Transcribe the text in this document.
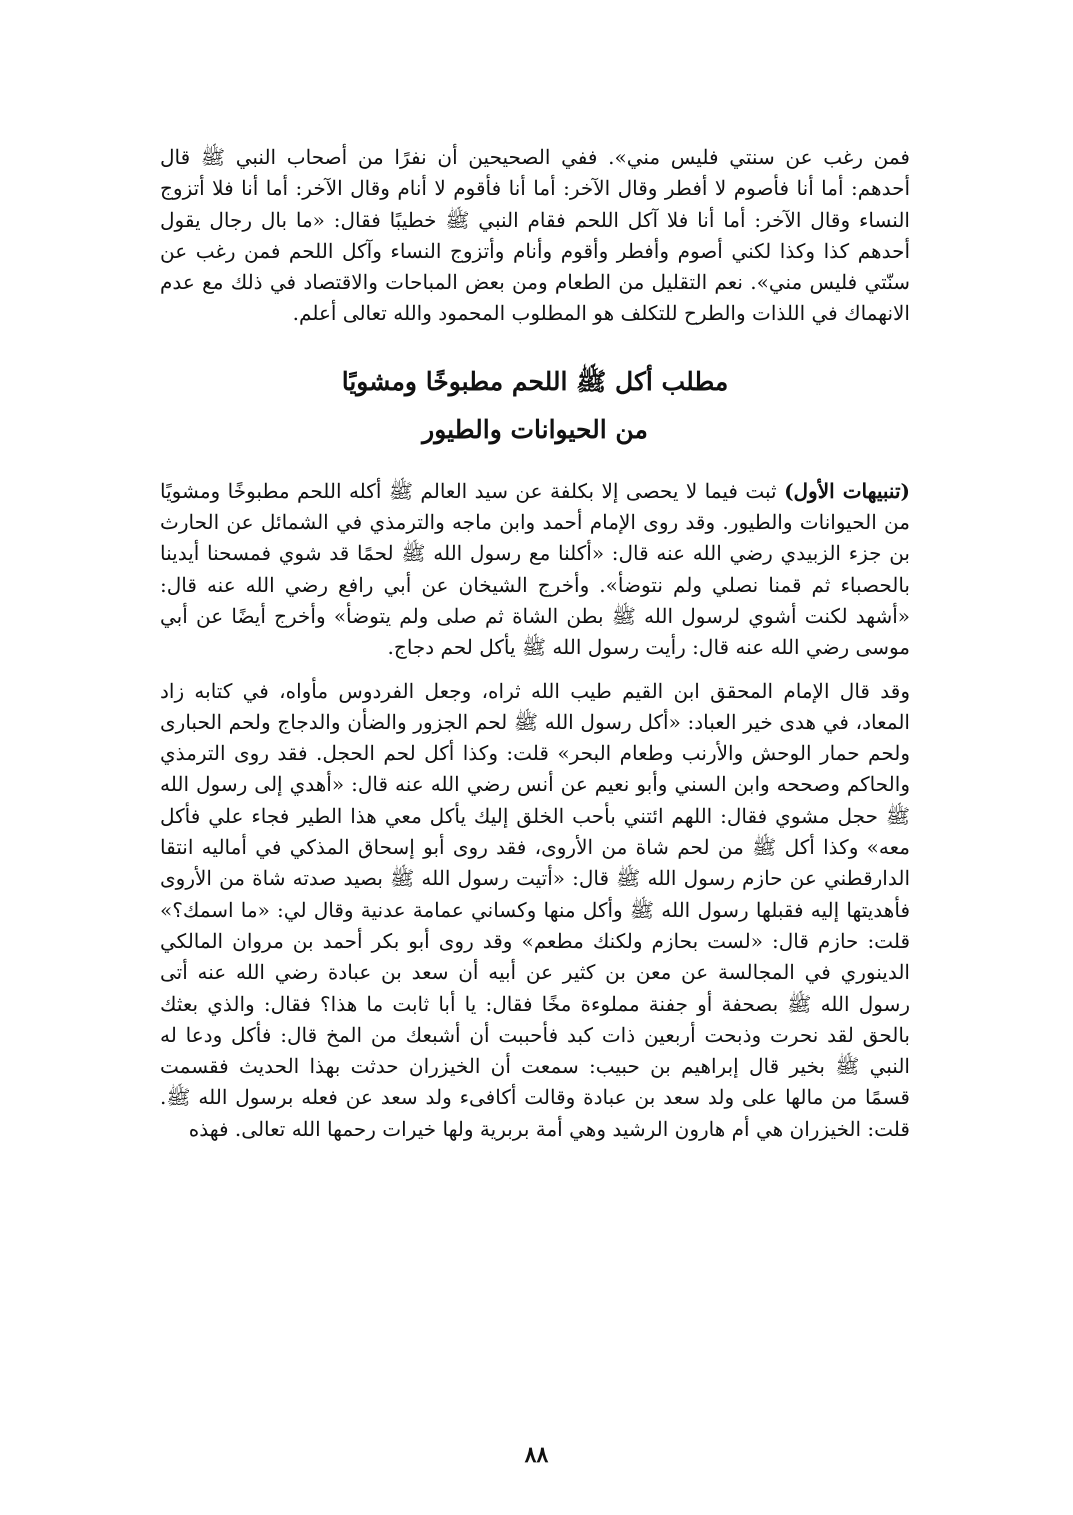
فمن رغب عن سنتي فليس مني». ففي الصحيحين أن نفرًا من أصحاب النبي ﷺ قال أحدهم: أما أنا فأصوم لا أفطر وقال الآخر: أما أنا فأقوم لا أنام وقال الآخر: أما أنا فلا أتزوج النساء وقال الآخر: أما أنا فلا آكل اللحم فقام النبي ﷺ خطيبًا فقال: «ما بال رجال يقول أحدهم كذا وكذا لكني أصوم وأفطر وأقوم وأنام وأتزوج النساء وآكل اللحم فمن رغب عن سنّتي فليس مني». نعم التقليل من الطعام ومن بعض المباحات والاقتصاد في ذلك مع عدم الانهماك في اللذات والطرح للتكلف هو المطلوب المحمود والله تعالى أعلم.

مطلب أكل ﷺ اللحم مطبوخًا ومشويًا
من الحيوانات والطيور

(تنبيهات الأول) ثبت فيما لا يحصى إلا بكلفة عن سيد العالم ﷺ أكله اللحم مطبوخًا ومشويًا من الحيوانات والطيور. وقد روى الإمام أحمد وابن ماجه والترمذي في الشمائل عن الحارث بن جزء الزبيدي رضي الله عنه قال: «أكلنا مع رسول الله ﷺ لحمًا قد شوي فمسحنا أيدينا بالحصباء ثم قمنا نصلي ولم نتوضأ». وأخرج الشيخان عن أبي رافع رضي الله عنه قال: «أشهد لكنت أشوي لرسول الله ﷺ بطن الشاة ثم صلى ولم يتوضأ» وأخرج أيضًا عن أبي موسى رضي الله عنه قال: رأيت رسول الله ﷺ يأكل لحم دجاج.

وقد قال الإمام المحقق ابن القيم طيب الله ثراه، وجعل الفردوس مأواه، في كتابه زاد المعاد، في هدى خير العباد: «أكل رسول الله ﷺ لحم الجزور والضأن والدجاج ولحم الحبارى ولحم حمار الوحش والأرنب وطعام البحر» قلت: وكذا أكل لحم الحجل. فقد روى الترمذي والحاكم وصححه وابن السني وأبو نعيم عن أنس رضي الله عنه قال: «أهدي إلى رسول الله ﷺ حجل مشوي فقال: اللهم ائتني بأحب الخلق إليك يأكل معي هذا الطير فجاء علي فأكل معه» وكذا أكل ﷺ من لحم شاة من الأروى، فقد روى أبو إسحاق المذكي في أماليه انتقا الدارقطني عن حازم رسول الله ﷺ قال: «أتيت رسول الله ﷺ بصيد صدته شاة من الأروى فأهديتها إليه فقبلها رسول الله ﷺ وأكل منها وكساني عمامة عدنية وقال لي: «ما اسمك؟» قلت: حازم قال: «لست بحازم ولكنك مطعم» وقد روى أبو بكر أحمد بن مروان المالكي الدينوري في المجالسة عن معن بن كثير عن أبيه أن سعد بن عبادة رضي الله عنه أتى رسول الله ﷺ بصحفة أو جفنة مملوءة مخًا فقال: يا أبا ثابت ما هذا؟ فقال: والذي بعثك بالحق لقد نحرت وذبحت أربعين ذات كبد فأحببت أن أشبعك من المخ قال: فأكل ودعا له النبي ﷺ بخير قال إبراهيم بن حبيب: سمعت أن الخيزران حدثت بهذا الحديث فقسمت قسمًا من مالها على ولد سعد بن عبادة وقالت أكافىء ولد سعد عن فعله برسول الله ﷺ. قلت: الخيزران هي أم هارون الرشيد وهي أمة بربرية ولها خيرات رحمها الله تعالى. فهذه

٨٨
